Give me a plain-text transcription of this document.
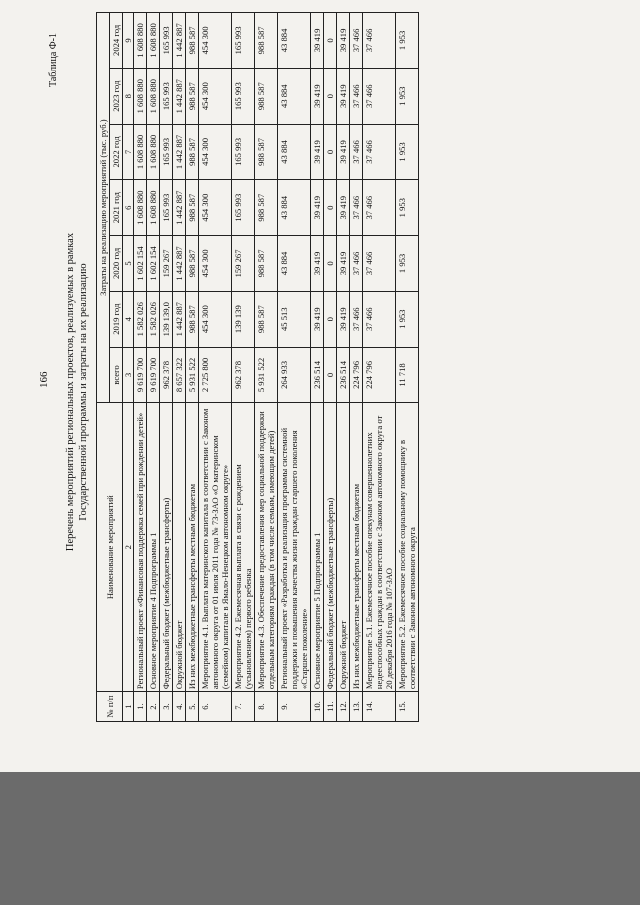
166
Таблица Ф-1
Перечень мероприятий региональных проектов, реализуемых в рамках Государственной программы и затраты на их реализацию
№ п/п	Наименование мероприятий	Затраты на реализацию мероприятий (тыс. руб.)						
		всего	2019 год	2020 год	2021 год	2022 год	2023 год	2024 год
1	2	3	4	5	6	7	8	9
1.	Региональный проект «Финансовая поддержка семей при рождении детей»	9 619 700	1 582 026	1 602 154	1 608 880	1 608 880	1 608 880	1 608 880
2.	Основное мероприятие 4 Подпрограммы 1	9 619 700	1 582 026	1 602 154	1 608 880	1 608 880	1 608 880	1 608 880
3.	Федеральный бюджет (межбюджетные трансферты)	962 378	139 139,0	159 267	165 993	165 993	165 993	165 993
4.	Окружной бюджет	8 657 322	1 442 887	1 442 887	1 442 887	1 442 887	1 442 887	1 442 887
5.	Из них межбюджетные трансферты местным бюджетам	5 931 522	988 587	988 587	988 587	988 587	988 587	988 587
6.	Мероприятие 4.1. Выплата материнского капитала в соответствии с Законом автономного округа от 01 июля 2011 года № 73-ЗАО «О материнском (семейном) капитале в Ямало-Ненецком автономном округе»	2 725 800	454 300	454 300	454 300	454 300	454 300	454 300
7.	Мероприятие 4.2. Ежемесячная выплата в связи с рождением (усыновлением) первого ребенка	962 378	139 139	159 267	165 993	165 993	165 993	165 993
8.	Мероприятие 4.3. Обеспечение предоставления мер социальной поддержки отдельным категориям граждан (в том числе семьям, имеющим детей)	5 931 522	988 587	988 587	988 587	988 587	988 587	988 587
9.	Региональный проект «Разработка и реализация программы системной поддержки и повышения качества жизни граждан старшего поколения «Старшее поколение»	264 933	45 513	43 884	43 884	43 884	43 884	43 884
10.	Основное мероприятие 5 Подпрограммы 1	236 514	39 419	39 419	39 419	39 419	39 419	39 419
11.	Федеральный бюджет (межбюджетные трансферты)	0	0	0	0	0	0	0
12.	Окружной бюджет	236 514	39 419	39 419	39 419	39 419	39 419	39 419
13.	Из них межбюджетные трансферты местным бюджетам	224 796	37 466	37 466	37 466	37 466	37 466	37 466
14.	Мероприятие 5.1. Ежемесячное пособие опекунам совершеннолетних недееспособных граждан в соответствии с Законом автономного округа от 20 декабря 2016 года № 107-ЗАО	224 796	37 466	37 466	37 466	37 466	37 466	37 466
15.	Мероприятие 5.2. Ежемесячное пособие социальному помощнику в соответствии с Законом автономного округа	11 718	1 953	1 953	1 953	1 953	1 953	1 953
